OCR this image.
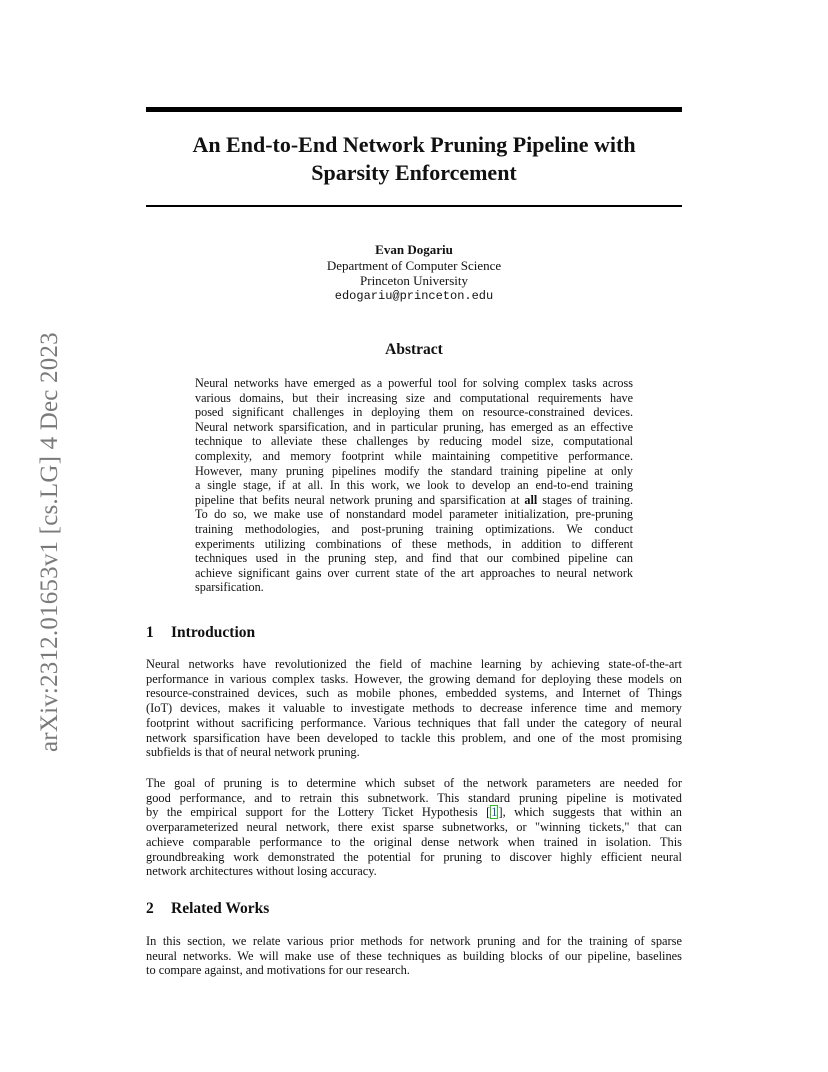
arXiv:2312.01653v1 [cs.LG] 4 Dec 2023
An End-to-End Network Pruning Pipeline with
Sparsity Enforcement
Evan Dogariu
Department of Computer Science
Princeton University
edogariu@princeton.edu
Abstract
Neural networks have emerged as a powerful tool for solving complex tasks across
various domains, but their increasing size and computational requirements have
posed significant challenges in deploying them on resource-constrained devices.
Neural network sparsification, and in particular pruning, has emerged as an effective
technique to alleviate these challenges by reducing model size, computational
complexity, and memory footprint while maintaining competitive performance.
However, many pruning pipelines modify the standard training pipeline at only
a single stage, if at all. In this work, we look to develop an end-to-end training
pipeline that befits neural network pruning and sparsification at all stages of training.
To do so, we make use of nonstandard model parameter initialization, pre-pruning
training methodologies, and post-pruning training optimizations. We conduct
experiments utilizing combinations of these methods, in addition to different
techniques used in the pruning step, and find that our combined pipeline can
achieve significant gains over current state of the art approaches to neural network
sparsification.
1 Introduction
Neural networks have revolutionized the field of machine learning by achieving state-of-the-art
performance in various complex tasks. However, the growing demand for deploying these models on
resource-constrained devices, such as mobile phones, embedded systems, and Internet of Things
(IoT) devices, makes it valuable to investigate methods to decrease inference time and memory
footprint without sacrificing performance. Various techniques that fall under the category of neural
network sparsification have been developed to tackle this problem, and one of the most promising
subfields is that of neural network pruning.
The goal of pruning is to determine which subset of the network parameters are needed for
good performance, and to retrain this subnetwork. This standard pruning pipeline is motivated
by the empirical support for the Lottery Ticket Hypothesis [1], which suggests that within an
overparameterized neural network, there exist sparse subnetworks, or "winning tickets," that can
achieve comparable performance to the original dense network when trained in isolation. This
groundbreaking work demonstrated the potential for pruning to discover highly efficient neural
network architectures without losing accuracy.
2 Related Works
In this section, we relate various prior methods for network pruning and for the training of sparse
neural networks. We will make use of these techniques as building blocks of our pipeline, baselines
to compare against, and motivations for our research.
